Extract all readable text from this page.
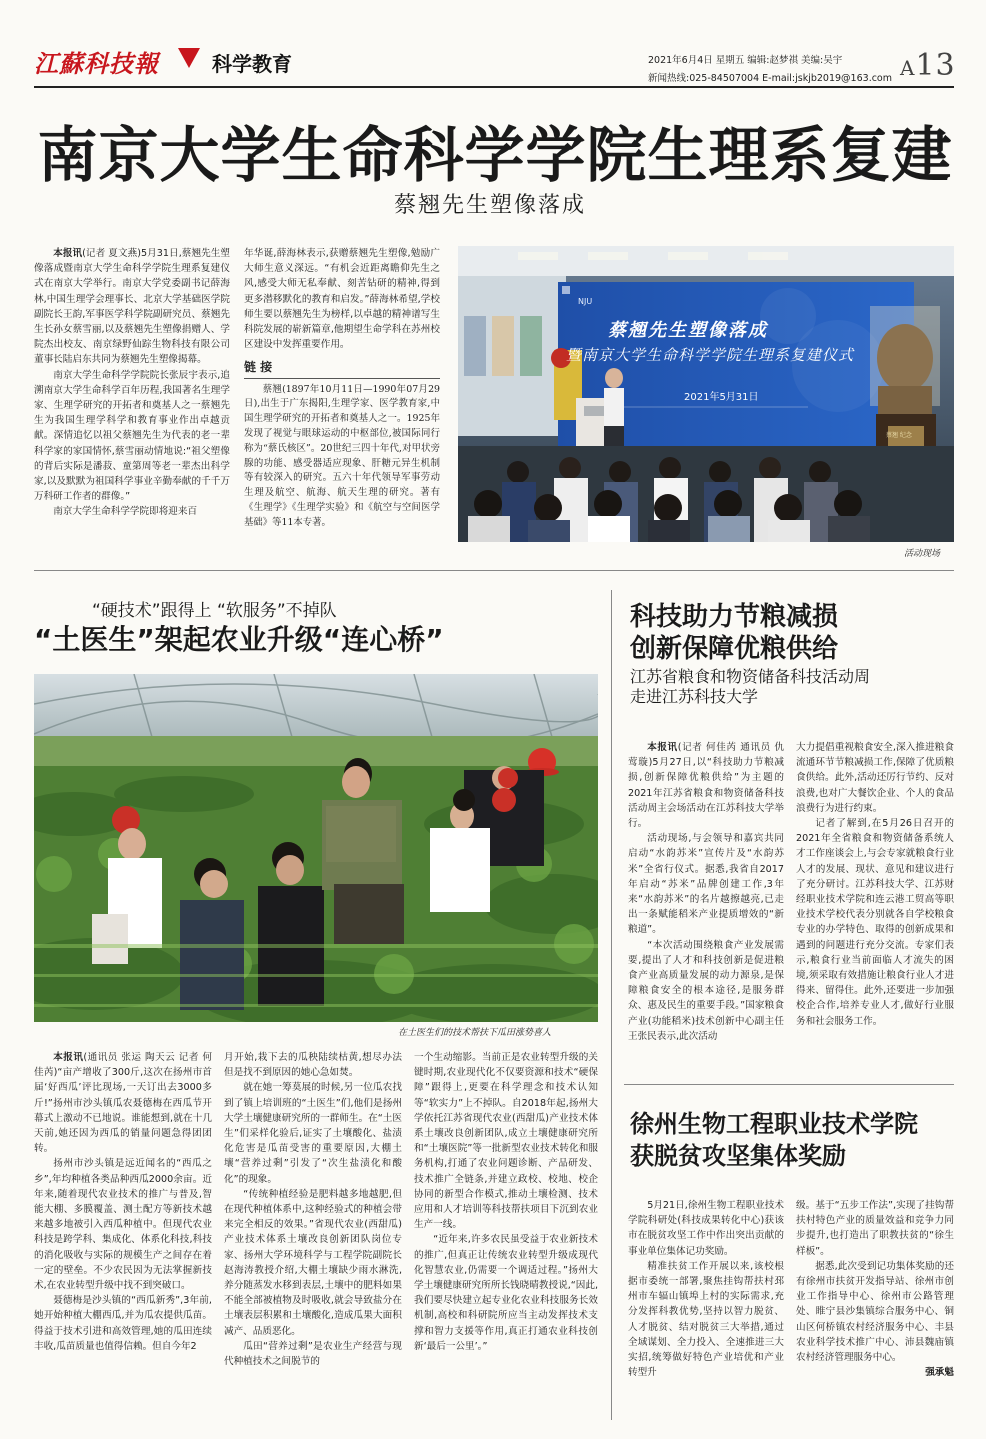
江蘇科技報	科学教育	2021年6月4日 星期五 编辑:赵梦祺 美编:吴宇
新闻热线:025-84507004 E-mail:jskjb2019@163.com A13
南京大学生命科学学院生理系复建
蔡翘先生塑像落成

本报讯(记者 夏文燕)5月31日,蔡翘先生塑像落成暨南京大学生命科学学院生理系复建仪式在南京大学举行。南京大学党委副书记薛海林,中国生理学会理事长、北京大学基础医学院副院长王韵,军事医学科学院副研究员、蔡翘先生长孙女蔡雪丽,以及蔡翘先生塑像捐赠人、学院杰出校友、南京绿野仙踪生物科技有限公司董事长陆启东共同为蔡翘先生塑像揭幕。

南京大学生命科学学院院长张辰宇表示,追溯南京大学生命科学百年历程,我国著名生理学家、生理学研究的开拓者和奠基人之一蔡翘先生为我国生理学科学和教育事业作出卓越贡献。深情追忆以祖父蔡翘先生为代表的老一辈科学家的家国情怀,蔡雪丽动情地说:“祖父塑像的背后实际是潘菽、童第周等老一辈杰出科学家,以及默默为祖国科学事业辛勤奉献的千千万万科研工作者的群像。”

南京大学生命科学学院即将迎来百

年华诞,薛海林表示,获赠蔡翘先生塑像,勉励广大师生意义深远。“有机会近距离瞻仰先生之风,感受大师无私奉献、刻苦钻研的精神,得到更多潜移默化的教育和启发。”薛海林希望,学校师生要以蔡翘先生为榜样,以卓越的精神谱写生科院发展的崭新篇章,他期望生命学科在苏州校区建设中发挥重要作用。

链 接

蔡翘(1897年10月11日—1990年07月29日),出生于广东揭阳,生理学家、医学教育家,中国生理学研究的开拓者和奠基人之一。1925年发现了视觉与眼球运动的中枢部位,被国际同行称为“蔡氏核区”。20世纪三四十年代,对甲状旁腺的功能、感受器适应现象、肝糖元异生机制等有较深入的研究。五六十年代领导军事劳动生理及航空、航海、航天生理的研究。著有《生理学》《生理学实验》和《航空与空间医学基础》等11本专著。

NJU
蔡翘先生塑像落成
暨南京大学生命科学学院生理系复建仪式
2021年5月31日
蔡翘 纪念
活动现场
“硬技术”跟得上 “软服务”不掉队
“土医生”架起农业升级“连心桥”
在土医生们的技术帮扶下瓜田涨势喜人

本报讯(通讯员 张运 陶天云 记者 何佳芮)“亩产增收了300斤,这次在扬州市首届‘好西瓜’评比现场,一天订出去3000多斤!”扬州市沙头镇瓜农聂德梅在西瓜节开幕式上激动不已地说。谁能想到,就在十几天前,她还因为西瓜的销量问题急得团团转。

扬州市沙头镇是远近闻名的“西瓜之乡”,年均种植各类品种西瓜2000余亩。近年来,随着现代农业技术的推广与普及,智能大棚、多膜覆盖、测土配方等新技术越来越多地被引入西瓜种植中。但现代农业科技是跨学科、集成化、体系化科技,科技的消化吸收与实际的规模生产之间存在着一定的壁垒。不少农民因为无法掌握新技术,在农业转型升级中找不到突破口。

聂德梅是沙头镇的“西瓜新秀”,3年前,她开始种植大棚西瓜,并为瓜农提供瓜苗。得益于技术引进和高效管理,她的瓜田连续丰收,瓜苗质量也值得信赖。但自今年2

月开始,栽下去的瓜秧陆续枯黄,想尽办法但是找不到原因的她心急如焚。

就在她一筹莫展的时候,另一位瓜农找到了镇上培训班的“土医生”们,他们是扬州大学土壤健康研究所的一群师生。在“土医生”们采样化验后,证实了土壤酸化、盐渍化危害是瓜苗受害的重要原因,大棚土壤“营养过剩”引发了“次生盐渍化和酸化”的现象。

“传统种植经验是肥料越多地越肥,但在现代种植体系中,这种经验式的种植会带来完全相反的效果。”省现代农业(西甜瓜)产业技术体系土壤改良创新团队岗位专家、扬州大学环境科学与工程学院副院长赵海涛教授介绍,大棚土壤缺少雨水淋洗,养分随蒸发水移到表层,土壤中的肥料如果不能全部被植物及时吸收,就会导致盐分在土壤表层积累和土壤酸化,造成瓜果大面积减产、品质恶化。

瓜田“营养过剩”是农业生产经营与现代种植技术之间脱节的

一个生动缩影。当前正是农业转型升级的关键时期,农业现代化不仅要资源和技术“硬保障”跟得上,更要在科学理念和技术认知等“软实力”上不掉队。自2018年起,扬州大学依托江苏省现代农业(西甜瓜)产业技术体系土壤改良创新团队,成立土壤健康研究所和“土壤医院”等一批新型农业技术转化和服务机构,打通了农业问题诊断、产品研发、技术推广全链条,并建立政校、校地、校企协同的新型合作模式,推动土壤检测、技术应用和人才培训等科技帮扶项目下沉到农业生产一线。

“近年来,许多农民虽受益于农业新技术的推广,但真正让传统农业转型升级成现代化智慧农业,仍需要一个调适过程。”扬州大学土壤健康研究所所长钱晓晴教授说,“因此,我们要尽快建立起专业化农业科技服务长效机制,高校和科研院所应当主动发挥技术支撑和智力支援等作用,真正打通农业科技创新‘最后一公里’。”

科技助力节粮减损
创新保障优粮供给
江苏省粮食和物资储备科技活动周
走进江苏科技大学

本报讯(记者 何佳芮 通讯员 仇莺璇)5月27日,以“科技助力节粮减损,创新保障优粮供给”为主题的2021年江苏省粮食和物资储备科技活动周主会场活动在江苏科技大学举行。

活动现场,与会领导和嘉宾共同启动“水韵苏米”宣传片及“水韵苏米”全省行仪式。据悉,我省自2017年启动“苏米”品牌创建工作,3年来“水韵苏米”的名片越擦越亮,已走出一条赋能稻米产业提质增效的“新粮道”。

“本次活动围绕粮食产业发展需要,提出了人才和科技创新是促进粮食产业高质量发展的动力源泉,是保障粮食安全的根本途径,是服务群众、惠及民生的重要手段。”国家粮食产业(功能稻米)技术创新中心副主任王张民表示,此次活动

大力提倡重视粮食安全,深入推进粮食流通环节节粮减损工作,保障了优质粮食供给。此外,活动还厉行节约、反对浪费,也对广大餐饮企业、个人的食品浪费行为进行约束。

记者了解到,在5月26日召开的2021年全省粮食和物资储备系统人才工作座谈会上,与会专家就粮食行业人才的发展、现状、意见和建议进行了充分研讨。江苏科技大学、江苏财经职业技术学院和连云港工贸高等职业技术学校代表分别就各自学校粮食专业的办学特色、取得的创新成果和遇到的问题进行充分交流。专家们表示,粮食行业当前面临人才流失的困境,须采取有效措施让粮食行业人才进得来、留得住。此外,还要进一步加强校企合作,培养专业人才,做好行业服务和社会服务工作。

徐州生物工程职业技术学院
获脱贫攻坚集体奖励

5月21日,徐州生物工程职业技术学院科研处(科技成果转化中心)获该市在脱贫攻坚工作中作出突出贡献的事业单位集体记功奖励。

精准扶贫工作开展以来,该校根据市委统一部署,聚焦挂钩帮扶村邳州市车辐山镇埠上村的实际需求,充分发挥科教优势,坚持以智力脱贫、人才脱贫、结对脱贫三大举措,通过全域谋划、全力投入、全速推进三大实招,统筹做好特色产业培优和产业转型升

级。基于“五步工作法”,实现了挂钩帮扶村特色产业的质量效益和竞争力同步提升,也打造出了职教扶贫的“徐生样板”。

据悉,此次受到记功集体奖励的还有徐州市扶贫开发指导站、徐州市创业工作指导中心、徐州市公路管理处、睢宁县沙集镇综合服务中心、铜山区何桥镇农村经济服务中心、丰县农业科学技术推广中心、沛县魏庙镇农村经济管理服务中心。

强承魁
